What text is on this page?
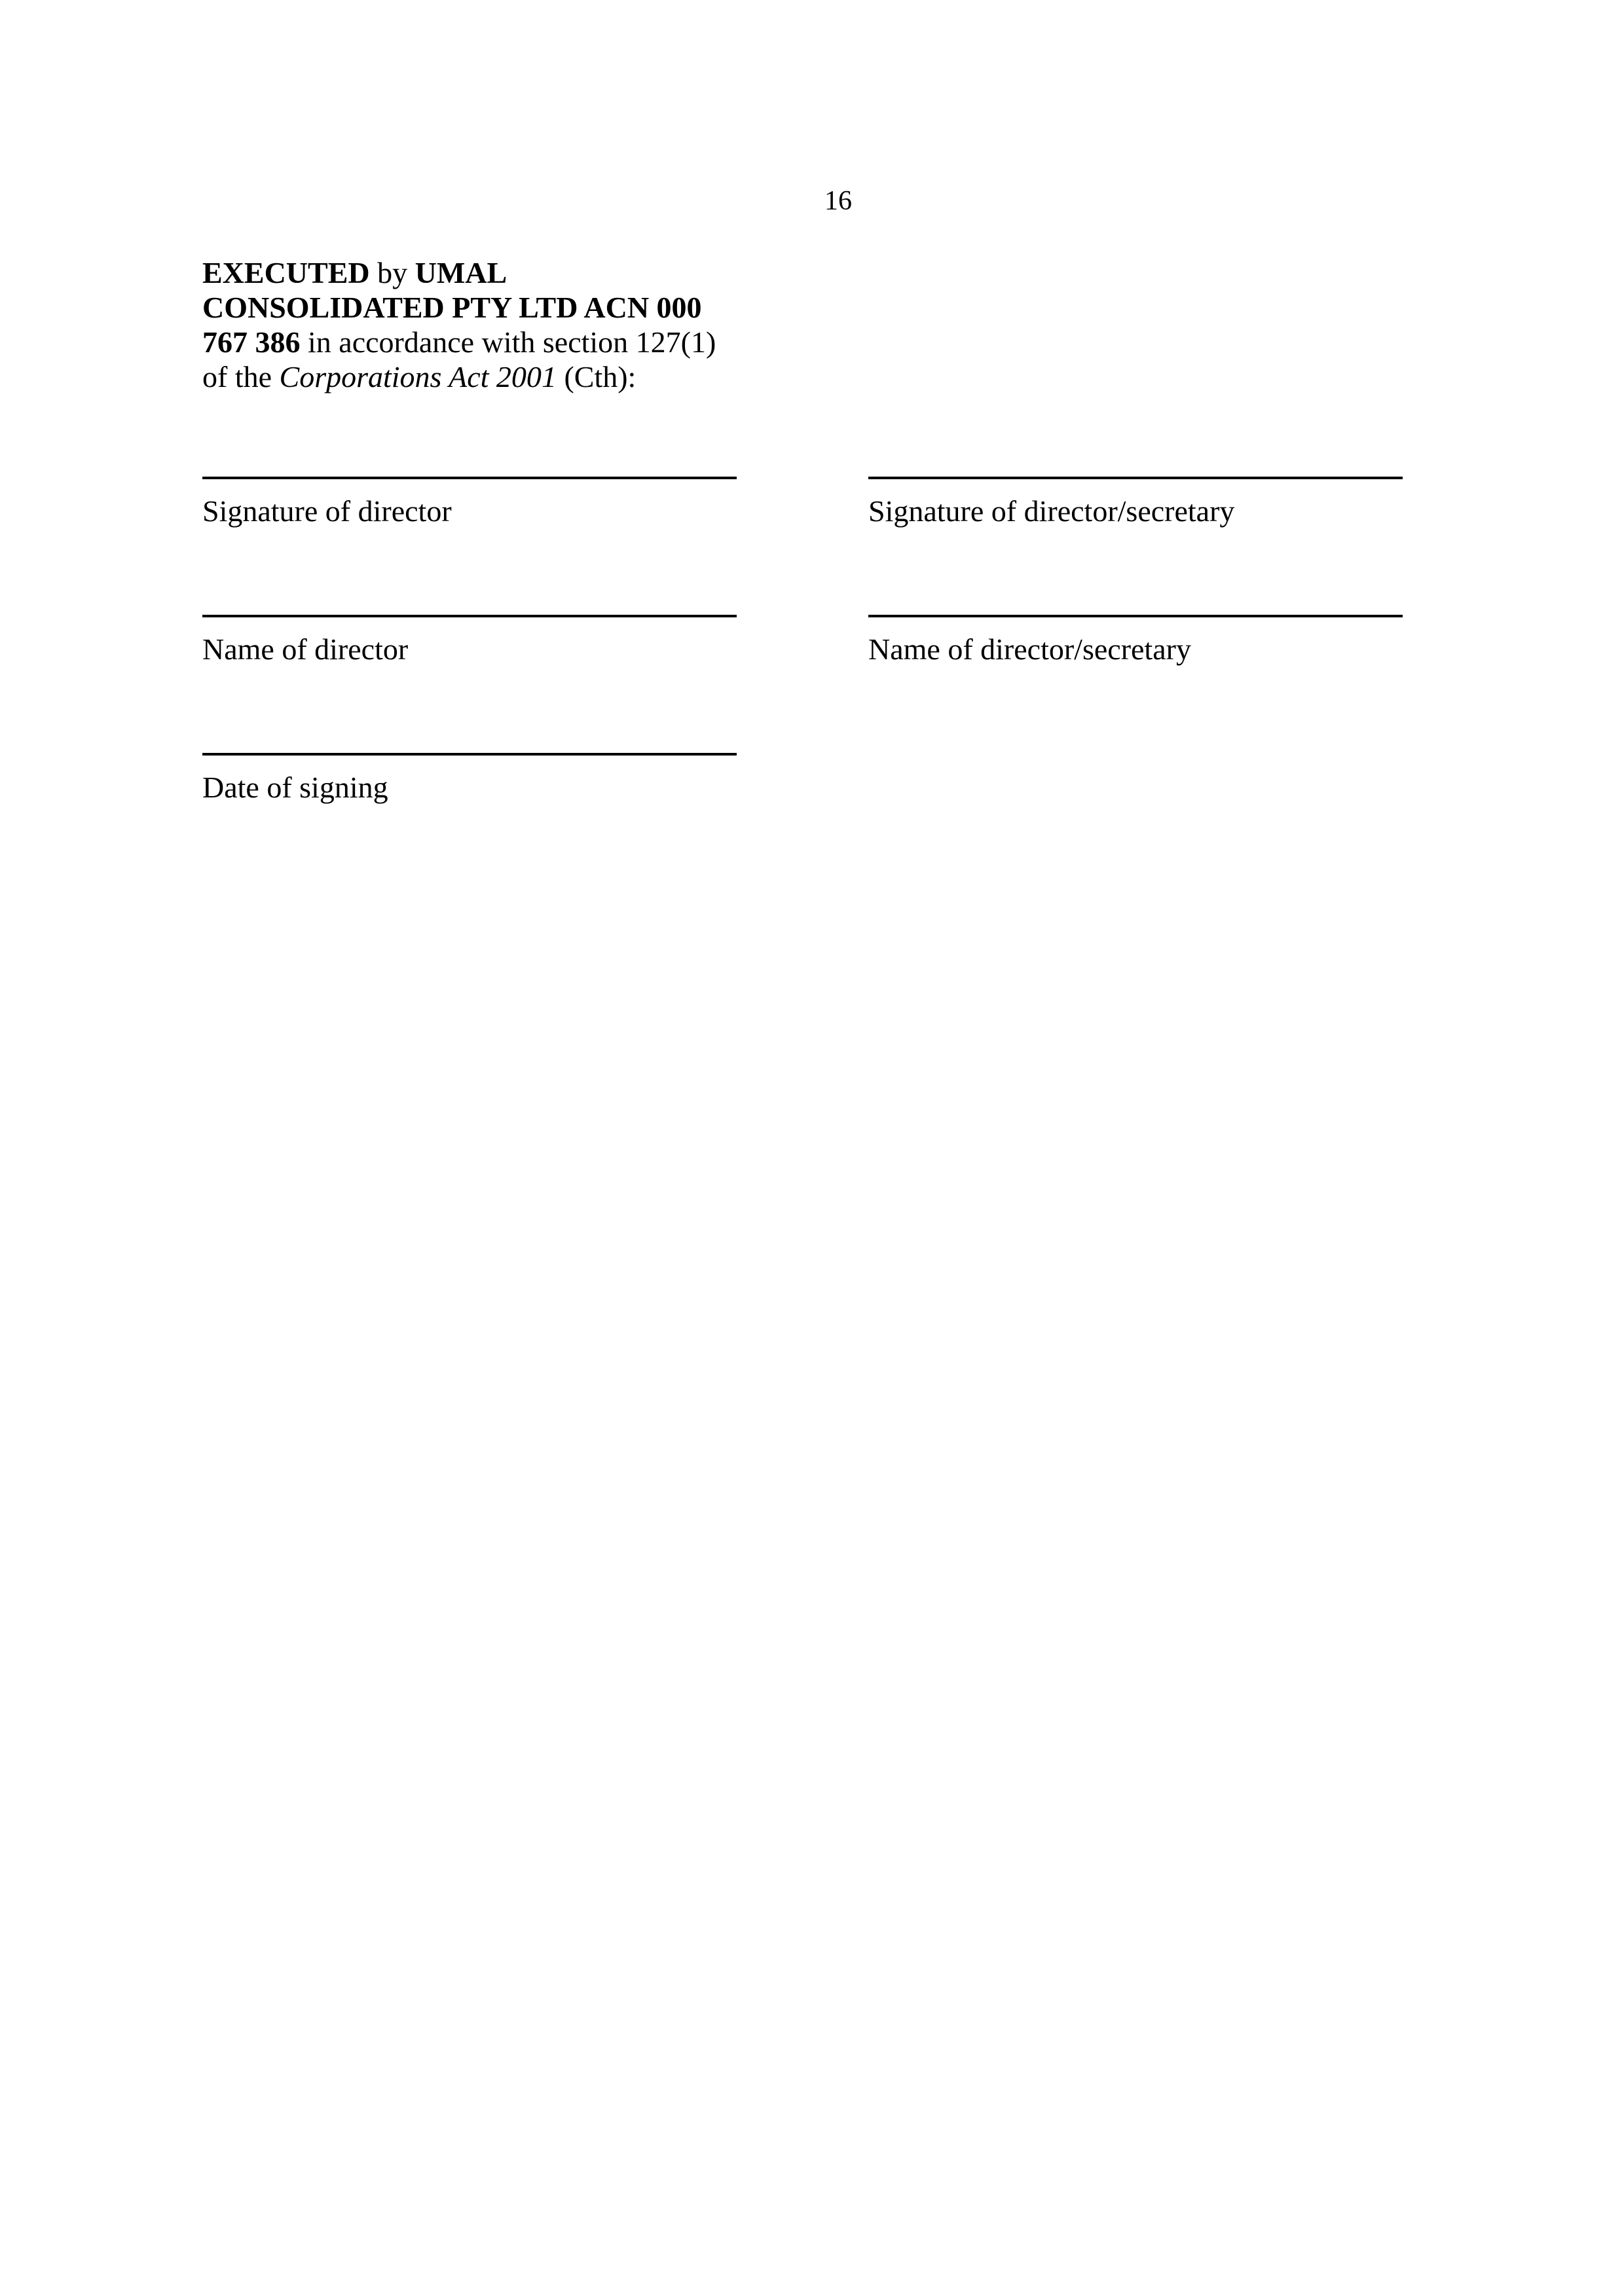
16
EXECUTED by UMAL
CONSOLIDATED PTY LTD ACN 000
767 386 in accordance with section 127(1)
of the Corporations Act 2001 (Cth):
Signature of director	Signature of director/secretary
Name of director	Name of director/secretary
Date of signing
